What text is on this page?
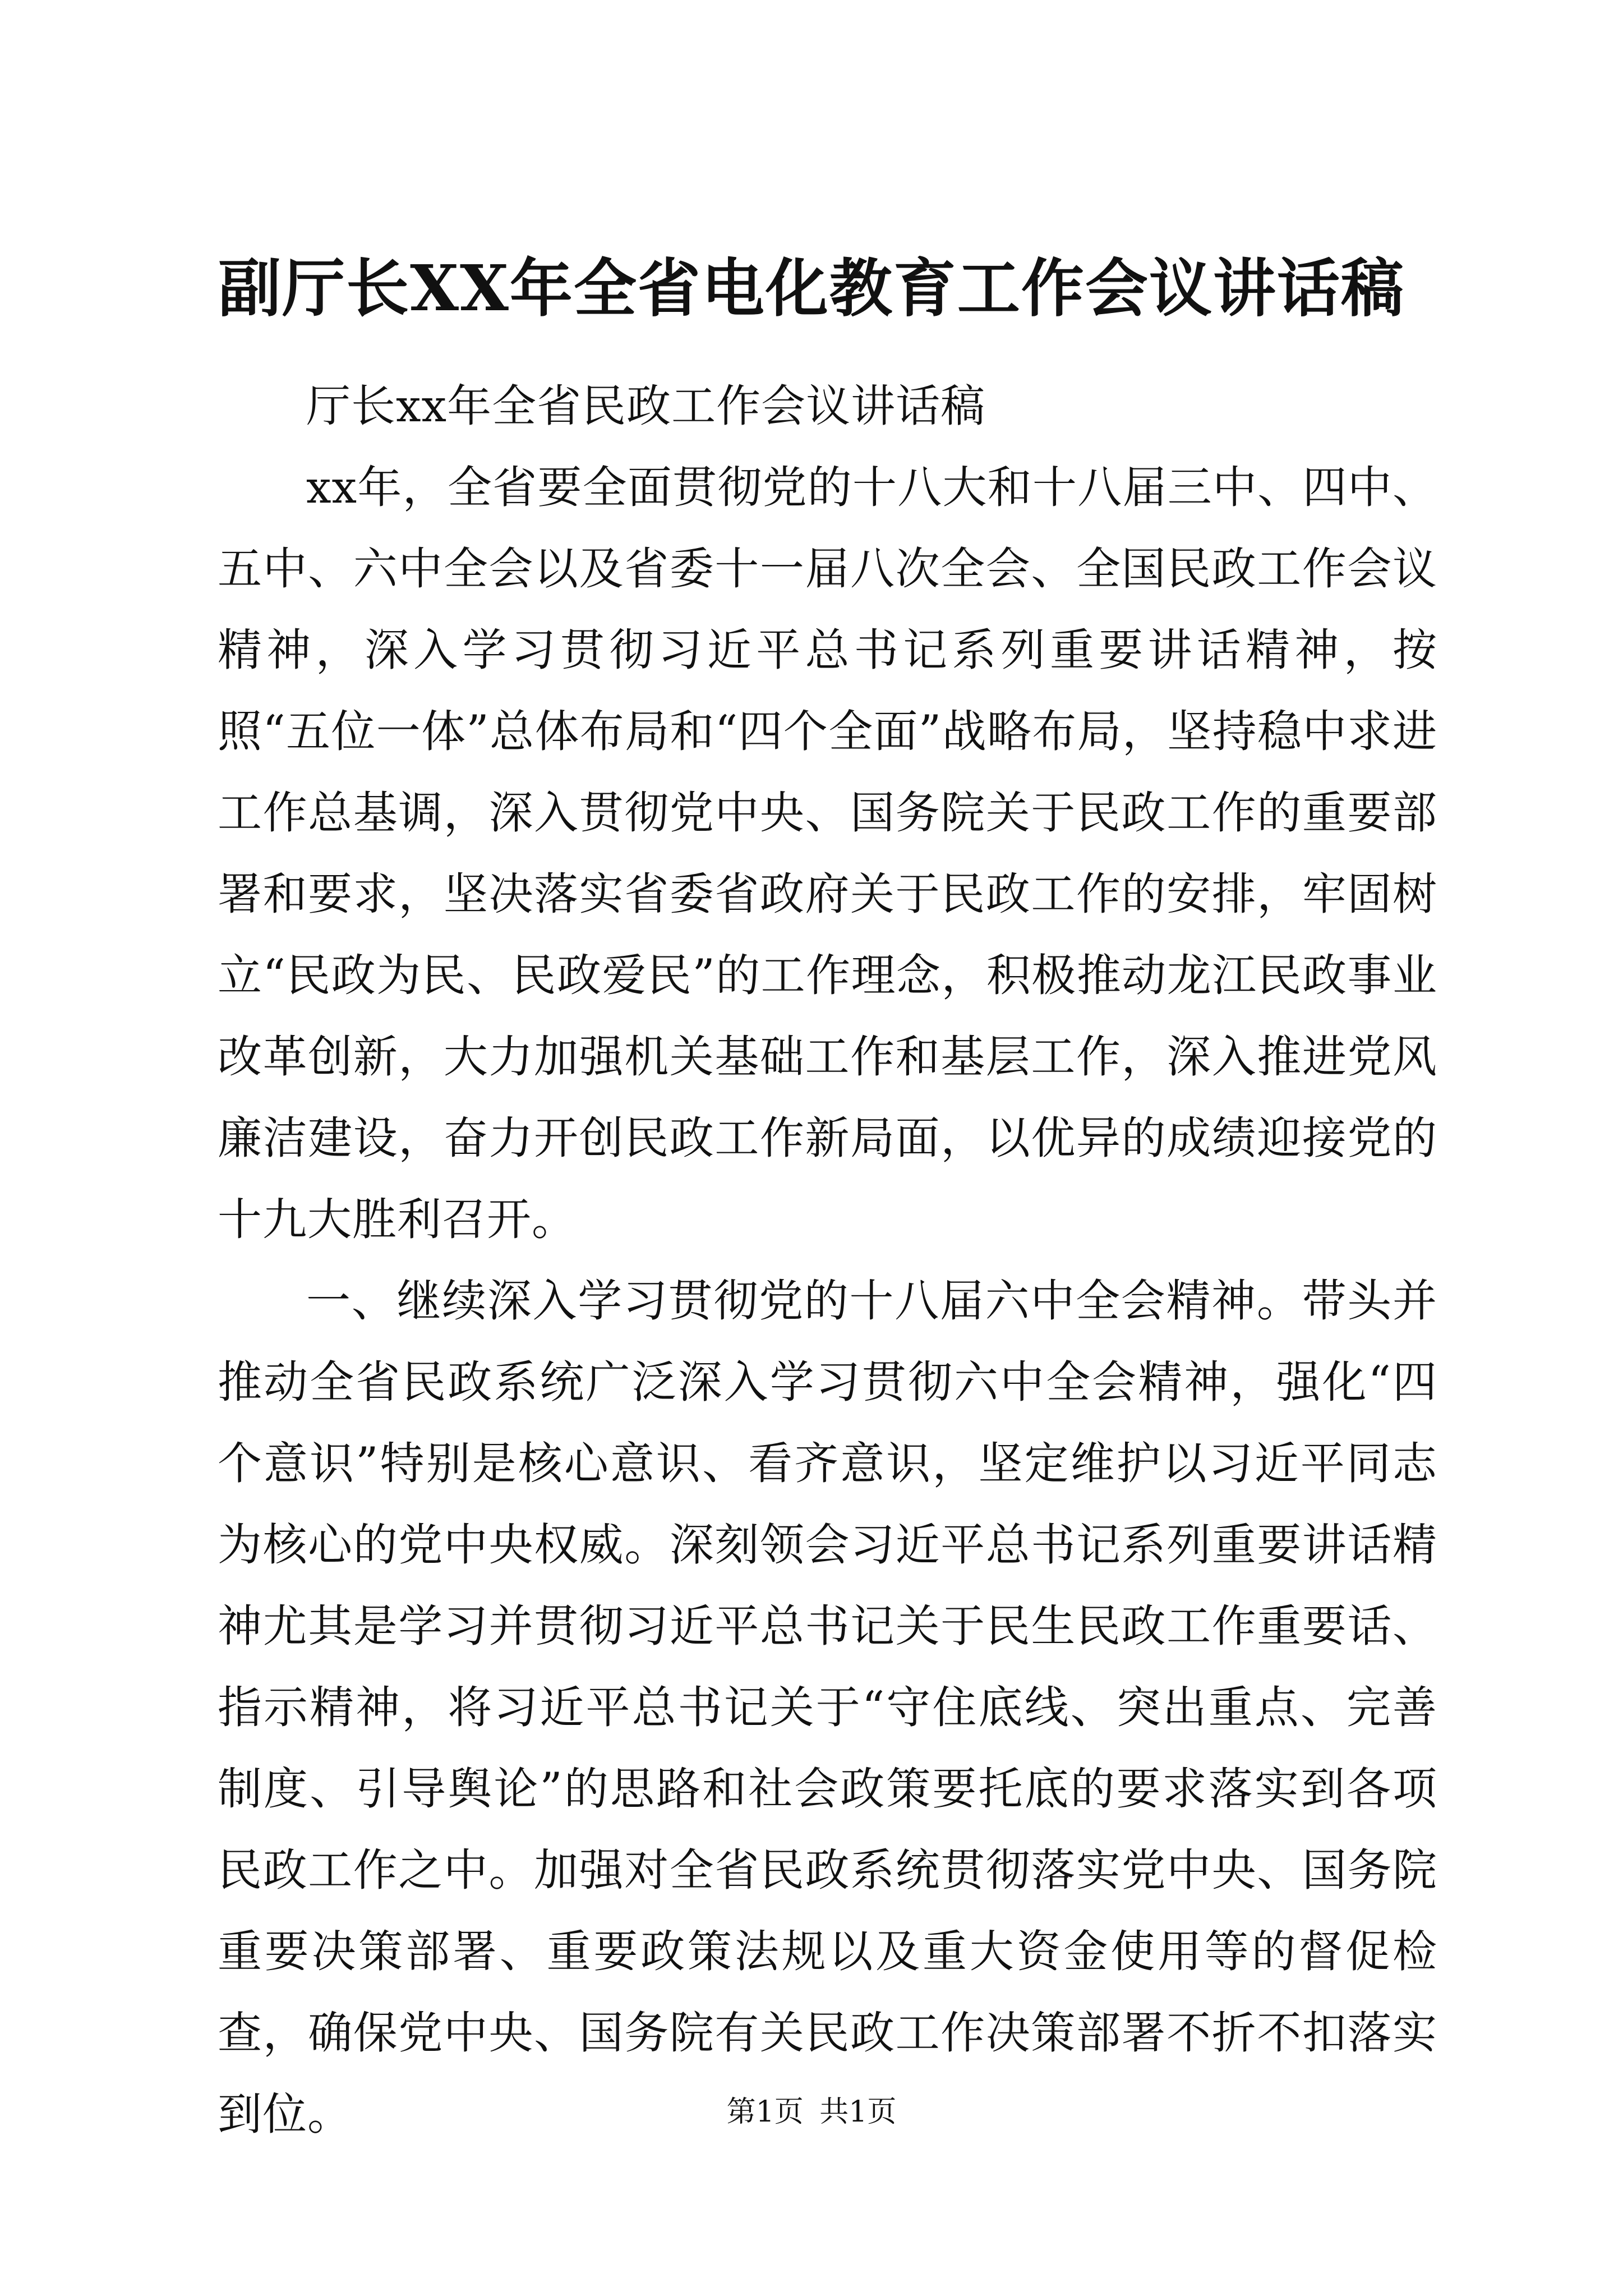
副厅长XX年全省电化教育工作会议讲话稿

厅长xx年全省民政工作会议讲话稿

xx年，全省要全面贯彻党的十八大和十八届三中、四中、五中、六中全会以及省委十一届八次全会、全国民政工作会议精神，深入学习贯彻习近平总书记系列重要讲话精神，按照“五位一体”总体布局和“四个全面”战略布局，坚持稳中求进工作总基调，深入贯彻党中央、国务院关于民政工作的重要部署和要求，坚决落实省委省政府关于民政工作的安排，牢固树立“民政为民、民政爱民”的工作理念，积极推动龙江民政事业改革创新，大力加强机关基础工作和基层工作，深入推进党风廉洁建设，奋力开创民政工作新局面，以优异的成绩迎接党的十九大胜利召开。

一、继续深入学习贯彻党的十八届六中全会精神。带头并推动全省民政系统广泛深入学习贯彻六中全会精神，强化“四个意识”特别是核心意识、看齐意识，坚定维护以习近平同志为核心的党中央权威。深刻领会习近平总书记系列重要讲话精神尤其是学习并贯彻习近平总书记关于民生民政工作重要话、指示精神，将习近平总书记关于“守住底线、突出重点、完善制度、引导舆论”的思路和社会政策要托底的要求落实到各项民政工作之中。加强对全省民政系统贯彻落实党中央、国务院重要决策部署、重要政策法规以及重大资金使用等的督促检查，确保党中央、国务院有关民政工作决策部署不折不扣落实到位。	第1页 共1页
